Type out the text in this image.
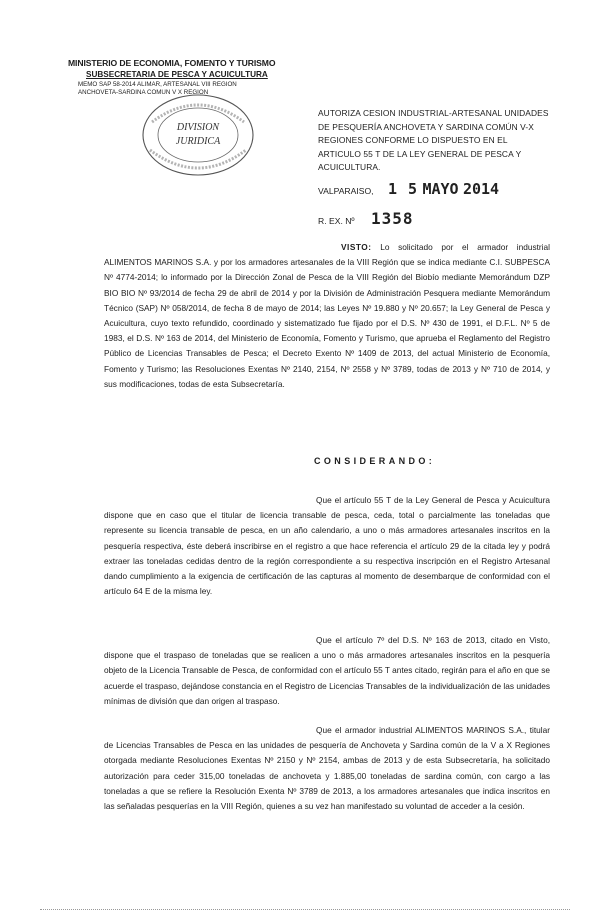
MINISTERIO DE ECONOMIA, FOMENTO Y TURISMO
SUBSECRETARIA DE PESCA Y ACUICULTURA
MEMO SAP 58-2014 ALIMAR, ARTESANAL VIII REGION
ANCHOVETA-SARDINA COMUN V X REGION
DIVISION
JURIDICA
AUTORIZA CESION INDUSTRIAL-ARTESANAL UNIDADES DE PESQUERÍA ANCHOVETA Y SARDINA COMÚN V-X REGIONES CONFORME LO DISPUESTO EN EL ARTICULO 55 T DE LA LEY GENERAL DE PESCA Y ACUICULTURA.
VALPARAISO, 1 5 MAYO 2014
R. EX. Nº 1358
VISTO: Lo solicitado por el armador industrial ALIMENTOS MARINOS S.A. y por los armadores artesanales de la VIII Región que se indica mediante C.I. SUBPESCA Nº 4774-2014; lo informado por la Dirección Zonal de Pesca de la VIII Región del Biobío mediante Memorándum DZP BIO BIO Nº 93/2014 de fecha 29 de abril de 2014 y por la División de Administración Pesquera mediante Memorándum Técnico (SAP) Nº 058/2014, de fecha 8 de mayo de 2014; las Leyes Nº 19.880 y Nº 20.657; la Ley General de Pesca y Acuicultura, cuyo texto refundido, coordinado y sistematizado fue fijado por el D.S. Nº 430 de 1991, el D.F.L. Nº 5 de 1983, el D.S. Nº 163 de 2014, del Ministerio de Economía, Fomento y Turismo, que aprueba el Reglamento del Registro Público de Licencias Transables de Pesca; el Decreto Exento Nº 1409 de 2013, del actual Ministerio de Economía, Fomento y Turismo; las Resoluciones Exentas Nº 2140, 2154, Nº 2558 y Nº 3789, todas de 2013 y Nº 710 de 2014, y sus modificaciones, todas de esta Subsecretaría.
CONSIDERANDO:
Que el artículo 55 T de la Ley General de Pesca y Acuicultura dispone que en caso que el titular de licencia transable de pesca, ceda, total o parcialmente las toneladas que represente su licencia transable de pesca, en un año calendario, a uno o más armadores artesanales inscritos en la pesquería respectiva, éste deberá inscribirse en el registro a que hace referencia el artículo 29 de la citada ley y podrá extraer las toneladas cedidas dentro de la región correspondiente a su respectiva inscripción en el Registro Artesanal dando cumplimiento a la exigencia de certificación de las capturas al momento de desembarque de conformidad con el artículo 64 E de la misma ley.
Que el artículo 7º del D.S. Nº 163 de 2013, citado en Visto, dispone que el traspaso de toneladas que se realicen a uno o más armadores artesanales inscritos en la pesquería objeto de la Licencia Transable de Pesca, de conformidad con el artículo 55 T antes citado, regirán para el año en que se acuerde el traspaso, dejándose constancia en el Registro de Licencias Transables de la individualización de las unidades mínimas de división que dan origen al traspaso.
Que el armador industrial ALIMENTOS MARINOS S.A., titular de Licencias Transables de Pesca en las unidades de pesquería de Anchoveta y Sardina común de la V a X Regiones otorgada mediante Resoluciones Exentas Nº 2150 y Nº 2154, ambas de 2013 y de esta Subsecretaría, ha solicitado autorización para ceder 315,00 toneladas de anchoveta y 1.885,00 toneladas de sardina común, con cargo a las toneladas a que se refiere la Resolución Exenta Nº 3789 de 2013, a los armadores artesanales que indica inscritos en las señaladas pesquerías en la VIII Región, quienes a su vez han manifestado su voluntad de acceder a la cesión.
